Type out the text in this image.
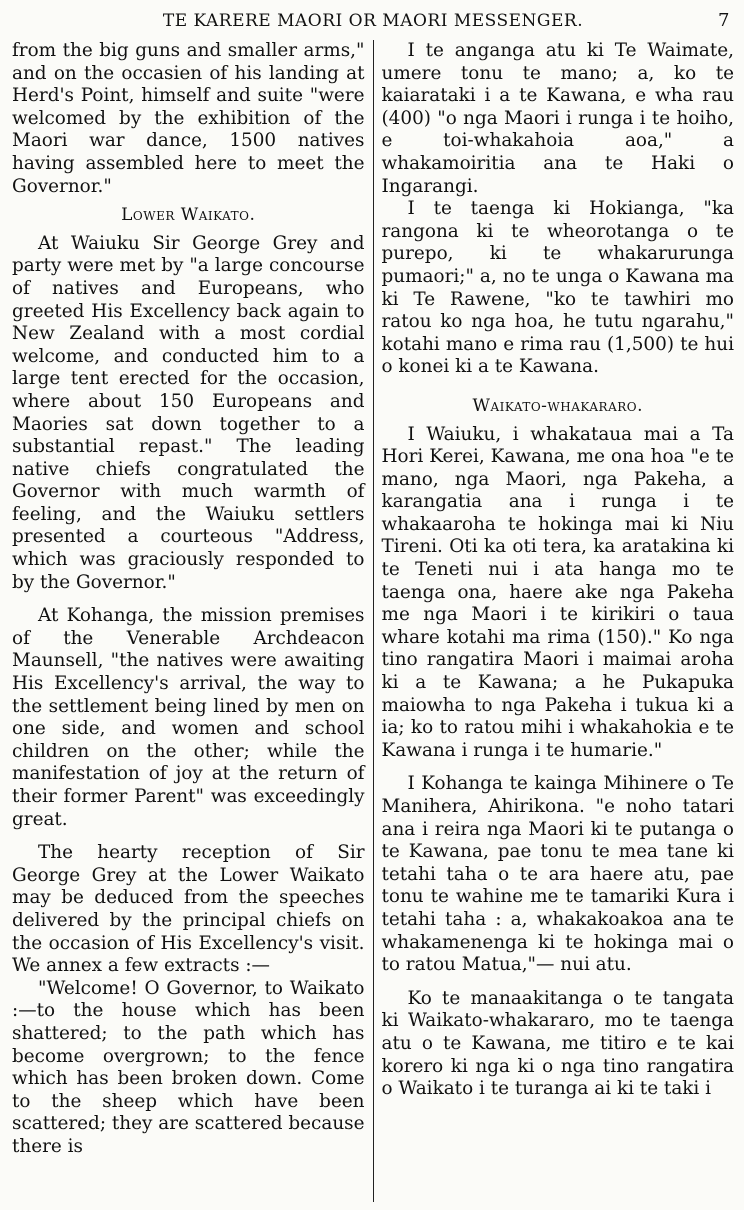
TE KARERE MAORI OR MAORI MESSENGER.	7

from the big guns and smaller arms," and on the occasien of his landing at Herd's Point, himself and suite "were welcomed by the exhibition of the Maori war dance, 1500 natives having assembled here to meet the Governor."

Lower Waikato.

At Waiuku Sir George Grey and party were met by "a large concourse of natives and Europeans, who greeted His Excellency back again to New Zealand with a most cordial welcome, and conducted him to a large tent erected for the occasion, where about 150 Europeans and Maories sat down together to a substantial repast." The leading native chiefs congratulated the Governor with much warmth of feeling, and the Waiuku settlers presented a courteous "Address, which was graciously responded to by the Governor."

At Kohanga, the mission premises of the Venerable Archdeacon Maunsell, "the natives were awaiting His Excellency's arrival, the way to the settlement being lined by men on one side, and women and school children on the other; while the manifestation of joy at the return of their former Parent" was exceedingly great.

The hearty reception of Sir George Grey at the Lower Waikato may be deduced from the speeches delivered by the principal chiefs on the occasion of His Excellency's visit. We annex a few extracts :—

"Welcome! O Governor, to Waikato :—to the house which has been shattered; to the path which has become overgrown; to the fence which has been broken down. Come to the sheep which have been scattered; they are scattered because there is

I te anganga atu ki Te Waimate, umere tonu te mano; a, ko te kaiarataki i a te Kawana, e wha rau (400) "o nga Maori i runga i te hoiho, e toi-whakahoia aoa," a whakamoiritia ana te Haki o Ingarangi.

I te taenga ki Hokianga, "ka rangona ki te wheorotanga o te purepo, ki te whakarurunga pumaori;" a, no te unga o Kawana ma ki Te Rawene, "ko te tawhiri mo ratou ko nga hoa, he tutu ngarahu," kotahi mano e rima rau (1,500) te hui o konei ki a te Kawana.

Waikato-whakararo.

I Waiuku, i whakataua mai a Ta Hori Kerei, Kawana, me ona hoa "e te mano, nga Maori, nga Pakeha, a karangatia ana i runga i te whakaaroha te hokinga mai ki Niu Tireni. Oti ka oti tera, ka aratakina ki te Teneti nui i ata hanga mo te taenga ona, haere ake nga Pakeha me nga Maori i te kirikiri o taua whare kotahi ma rima (150)." Ko nga tino rangatira Maori i maimai aroha ki a te Kawana; a he Pukapuka maiowha to nga Pakeha i tukua ki a ia; ko to ratou mihi i whakahokia e te Kawana i runga i te humarie."

I Kohanga te kainga Mihinere o Te Manihera, Ahirikona. "e noho tatari ana i reira nga Maori ki te putanga o te Kawana, pae tonu te mea tane ki tetahi taha o te ara haere atu, pae tonu te wahine me te tamariki Kura i tetahi taha : a, whakakoakoa ana te whakamenenga ki te hokinga mai o to ratou Matua,"— nui atu.

Ko te manaakitanga o te tangata ki Waikato-whakararo, mo te taenga atu o te Kawana, me titiro e te kai korero ki nga ki o nga tino rangatira o Waikato i te turanga ai ki te taki i
